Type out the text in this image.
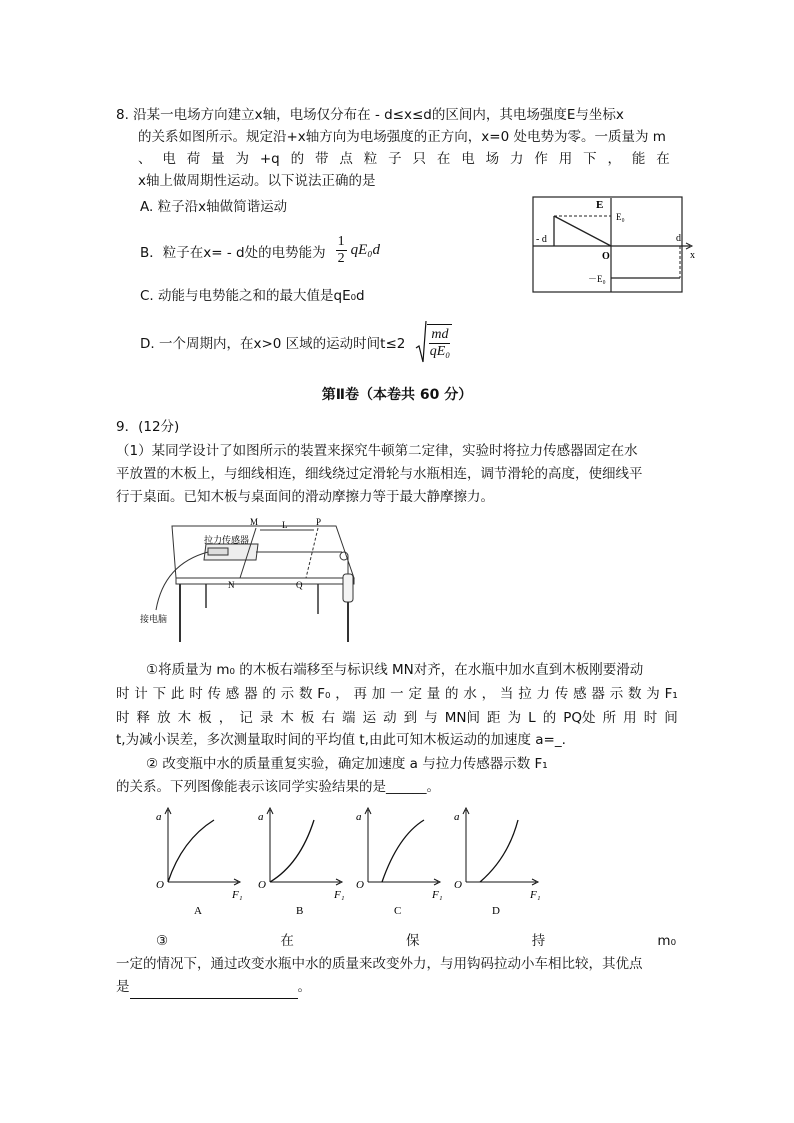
8. 沿某一电场方向建立x轴，电场仅分布在 - d≤x≤d的区间内，其电场强度E与坐标x
的关系如图所示。规定沿+x轴方向为电场强度的正方向，x=0 处电势为零。一质量为 m
、 电 荷 量 为 +q 的 带 点 粒 子 只 在 电 场 力 作 用 下 ， 能 在
x轴上做周期性运动。以下说法正确的是
A. 粒子沿x轴做简谐运动
B．粒子在x= - d处的电势能为 $\frac{1}{2} qE_0d$
C. 动能与电势能之和的最大值是qE₀d
D. 一个周期内，在x>0 区域的运动时间$t\le 2 \frac{md}{\text{qE₀}}$
E
E₀
- d	d
O	x
－E₀
第Ⅱ卷（本卷共 60 分）
9．(12分)
（1）某同学设计了如图所示的装置来探究牛顿第二定律，实验时将拉力传感器固定在水
平放置的木板上，与细线相连，细线绕过定滑轮与水瓶相连，调节滑轮的高度，使细线平
行于桌面。已知木板与桌面间的滑动摩擦力等于最大静摩擦力。
M	L	P
N	Q
拉力传感器
接电脑
①将质量为 m₀ 的木板右端移至与标识线 MN对齐，在水瓶中加水直到木板刚要滑动
时 计 下 此 时 传 感 器 的 示 数 F₀ ， 再 加 一 定 量 的 水 ， 当 拉 力 传 感 器 示 数 为 F₁
时 释 放 木 板 ， 记 录 木 板 右 端 运 动 到 与 MN间 距 为 L 的 PQ处 所 用 时 间
t,为减小误差，多次测量取时间的平均值 t,由此可知木板运动的加速度 a=_.
② 改变瓶中水的质量重复实验，确定加速度 a 与拉力传感器示数 F₁
的关系。下列图像能表示该同学实验结果的是______。
a
O
F₁
A
a
O
F₁
B
a
O
F₁
C
a
O
F₁
D
③	在	保	持	m₀
一定的情况下，通过改变水瓶中水的质量来改变外力，与用钩码拉动小车相比较，其优点
是	。
